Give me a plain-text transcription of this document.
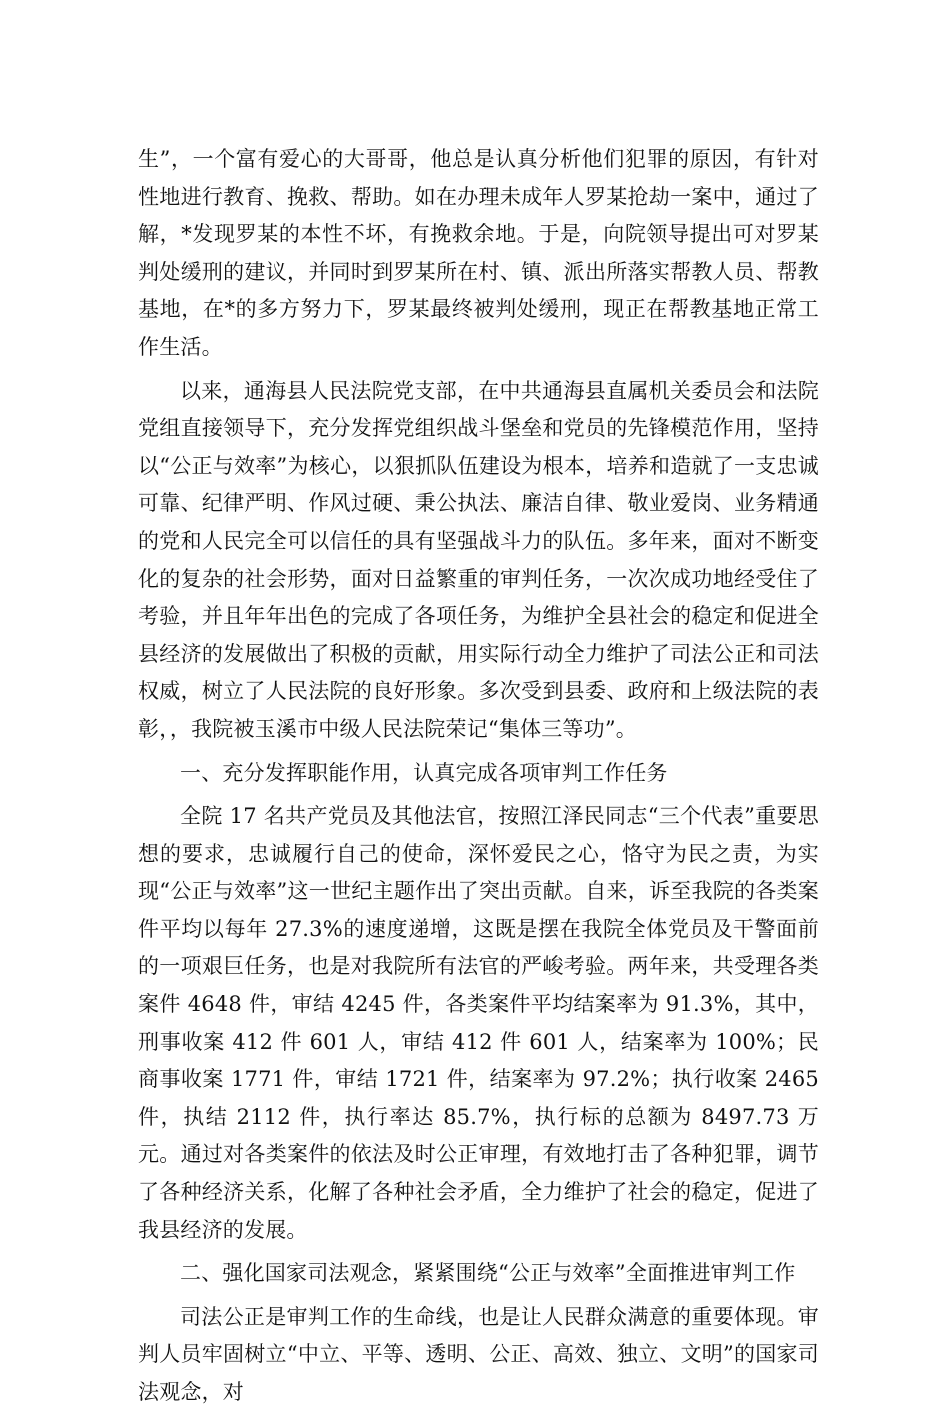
生”，一个富有爱心的大哥哥，他总是认真分析他们犯罪的原因，有针对性地进行教育、挽救、帮助。如在办理未成年人罗某抢劫一案中，通过了解，*发现罗某的本性不坏，有挽救余地。于是，向院领导提出可对罗某判处缓刑的建议，并同时到罗某所在村、镇、派出所落实帮教人员、帮教基地，在*的多方努力下，罗某最终被判处缓刑，现正在帮教基地正常工作生活。

以来，通海县人民法院党支部，在中共通海县直属机关委员会和法院党组直接领导下，充分发挥党组织战斗堡垒和党员的先锋模范作用，坚持以“公正与效率”为核心，以狠抓队伍建设为根本，培养和造就了一支忠诚可靠、纪律严明、作风过硬、秉公执法、廉洁自律、敬业爱岗、业务精通的党和人民完全可以信任的具有坚强战斗力的队伍。多年来，面对不断变化的复杂的社会形势，面对日益繁重的审判任务，一次次成功地经受住了考验，并且年年出色的完成了各项任务，为维护全县社会的稳定和促进全县经济的发展做出了积极的贡献，用实际行动全力维护了司法公正和司法权威，树立了人民法院的良好形象。多次受到县委、政府和上级法院的表彰，，我院被玉溪市中级人民法院荣记“集体三等功”。

一、充分发挥职能作用，认真完成各项审判工作任务

全院 17 名共产党员及其他法官，按照江泽民同志“三个代表”重要思想的要求，忠诚履行自己的使命，深怀爱民之心，恪守为民之责，为实现“公正与效率”这一世纪主题作出了突出贡献。自来，诉至我院的各类案件平均以每年 27.3%的速度递增，这既是摆在我院全体党员及干警面前的一项艰巨任务，也是对我院所有法官的严峻考验。两年来，共受理各类案件 4648 件，审结 4245 件，各类案件平均结案率为 91.3%，其中，刑事收案 412 件 601 人，审结 412 件 601 人，结案率为 100%；民商事收案 1771 件，审结 1721 件，结案率为 97.2%；执行收案 2465 件，执结 2112 件，执行率达 85.7%，执行标的总额为 8497.73 万元。通过对各类案件的依法及时公正审理，有效地打击了各种犯罪，调节了各种经济关系，化解了各种社会矛盾，全力维护了社会的稳定，促进了我县经济的发展。

二、强化国家司法观念，紧紧围绕“公正与效率”全面推进审判工作

司法公正是审判工作的生命线，也是让人民群众满意的重要体现。审判人员牢固树立“中立、平等、透明、公正、高效、独立、文明”的国家司法观念，对
